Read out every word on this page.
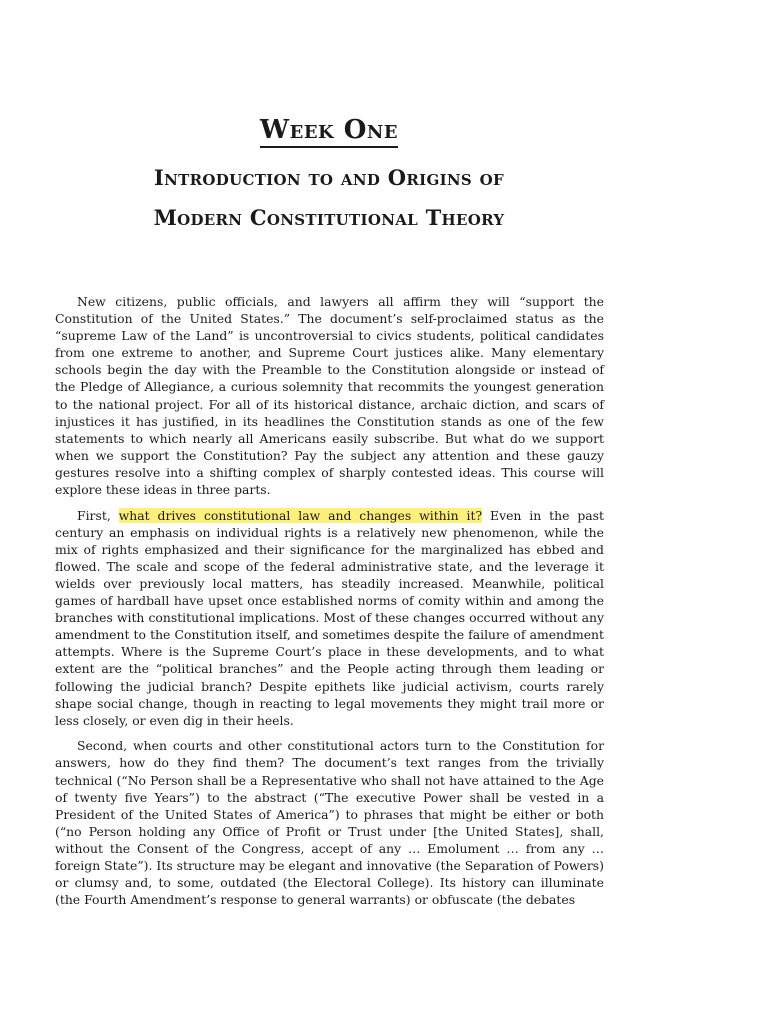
Week One
Introduction to and Origins of
Modern Constitutional Theory

New citizens, public officials, and lawyers all affirm they will “support the Constitution of the United States.” The document’s self-proclaimed status as the “supreme Law of the Land” is uncontroversial to civics students, political candidates from one extreme to another, and Supreme Court justices alike. Many elementary schools begin the day with the Preamble to the Constitution alongside or instead of the Pledge of Allegiance, a curious solemnity that recommits the youngest generation to the national project. For all of its historical distance, archaic diction, and scars of injustices it has justified, in its headlines the Constitution stands as one of the few statements to which nearly all Americans easily subscribe. But what do we support when we support the Constitution? Pay the subject any attention and these gauzy gestures resolve into a shifting complex of sharply contested ideas. This course will explore these ideas in three parts.

First, what drives constitutional law and changes within it? Even in the past century an emphasis on individual rights is a relatively new phenomenon, while the mix of rights emphasized and their significance for the marginalized has ebbed and flowed. The scale and scope of the federal administrative state, and the leverage it wields over previously local matters, has steadily increased. Meanwhile, political games of hardball have upset once established norms of comity within and among the branches with constitutional implications. Most of these changes occurred without any amendment to the Constitution itself, and sometimes despite the failure of amendment attempts. Where is the Supreme Court’s place in these developments, and to what extent are the “political branches” and the People acting through them leading or following the judicial branch? Despite epithets like judicial activism, courts rarely shape social change, though in reacting to legal movements they might trail more or less closely, or even dig in their heels.

Second, when courts and other constitutional actors turn to the Constitution for answers, how do they find them? The document’s text ranges from the trivially technical (“No Person shall be a Representative who shall not have attained to the Age of twenty five Years”) to the abstract (“The executive Power shall be vested in a President of the United States of America”) to phrases that might be either or both (“no Person holding any Office of Profit or Trust under [the United States], shall, without the Consent of the Congress, accept of any … Emolument … from any … foreign State”). Its structure may be elegant and innovative (the Separation of Powers) or clumsy and, to some, outdated (the Electoral College). Its history can illuminate (the Fourth Amendment’s response to general warrants) or obfuscate (the debates
